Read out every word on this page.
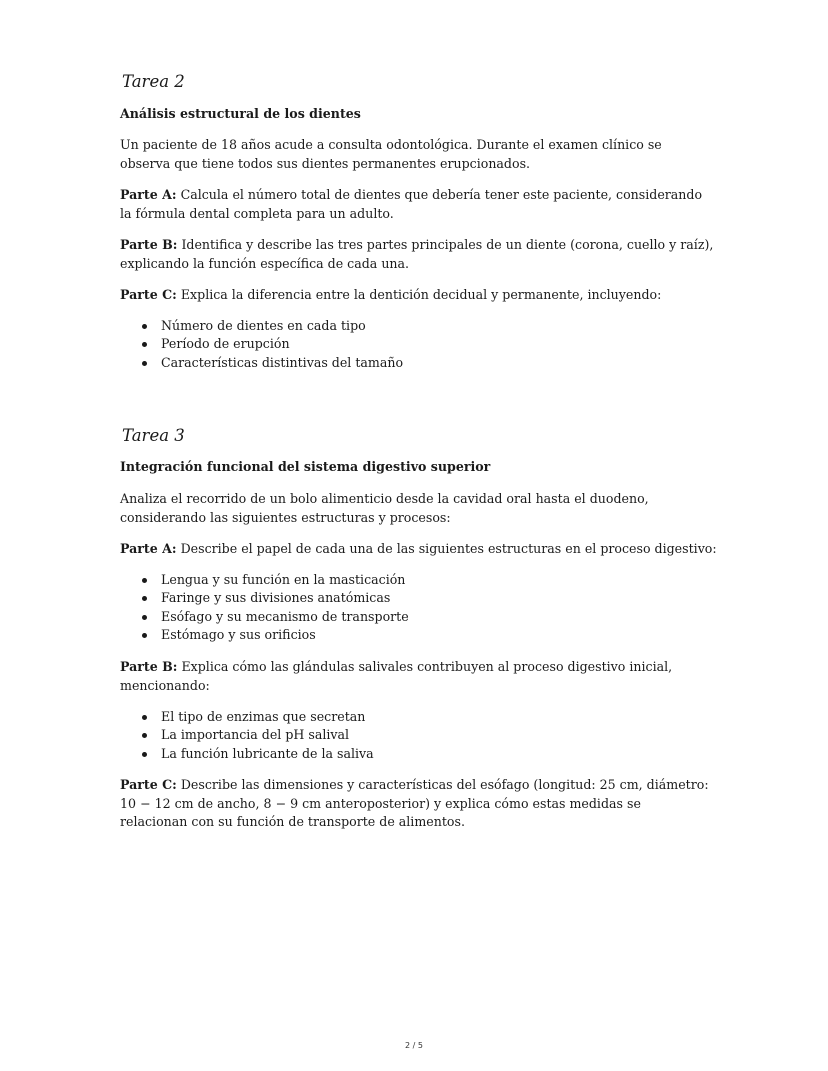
Tarea 2

Análisis estructural de los dientes

Un paciente de 18 años acude a consulta odontológica. Durante el examen clínico se
observa que tiene todos sus dientes permanentes erupcionados.

Parte A: Calcula el número total de dientes que debería tener este paciente, considerando
la fórmula dental completa para un adulto.

Parte B: Identifica y describe las tres partes principales de un diente (corona, cuello y raíz),
explicando la función específica de cada una.

Parte C: Explica la diferencia entre la dentición decidual y permanente, incluyendo:

Número de dientes en cada tipo
Período de erupción
Características distintivas del tamaño
Tarea 3

Integración funcional del sistema digestivo superior

Analiza el recorrido de un bolo alimenticio desde la cavidad oral hasta el duodeno,
considerando las siguientes estructuras y procesos:

Parte A: Describe el papel de cada una de las siguientes estructuras en el proceso digestivo:

Lengua y su función en la masticación
Faringe y sus divisiones anatómicas
Esófago y su mecanismo de transporte
Estómago y sus orificios

Parte B: Explica cómo las glándulas salivales contribuyen al proceso digestivo inicial,
mencionando:

El tipo de enzimas que secretan
La importancia del pH salival
La función lubricante de la saliva

Parte C: Describe las dimensiones y características del esófago (longitud: 25 cm, diámetro:
10 − 12 cm de ancho, 8 − 9 cm anteroposterior) y explica cómo estas medidas se
relacionan con su función de transporte de alimentos.

2 / 5
